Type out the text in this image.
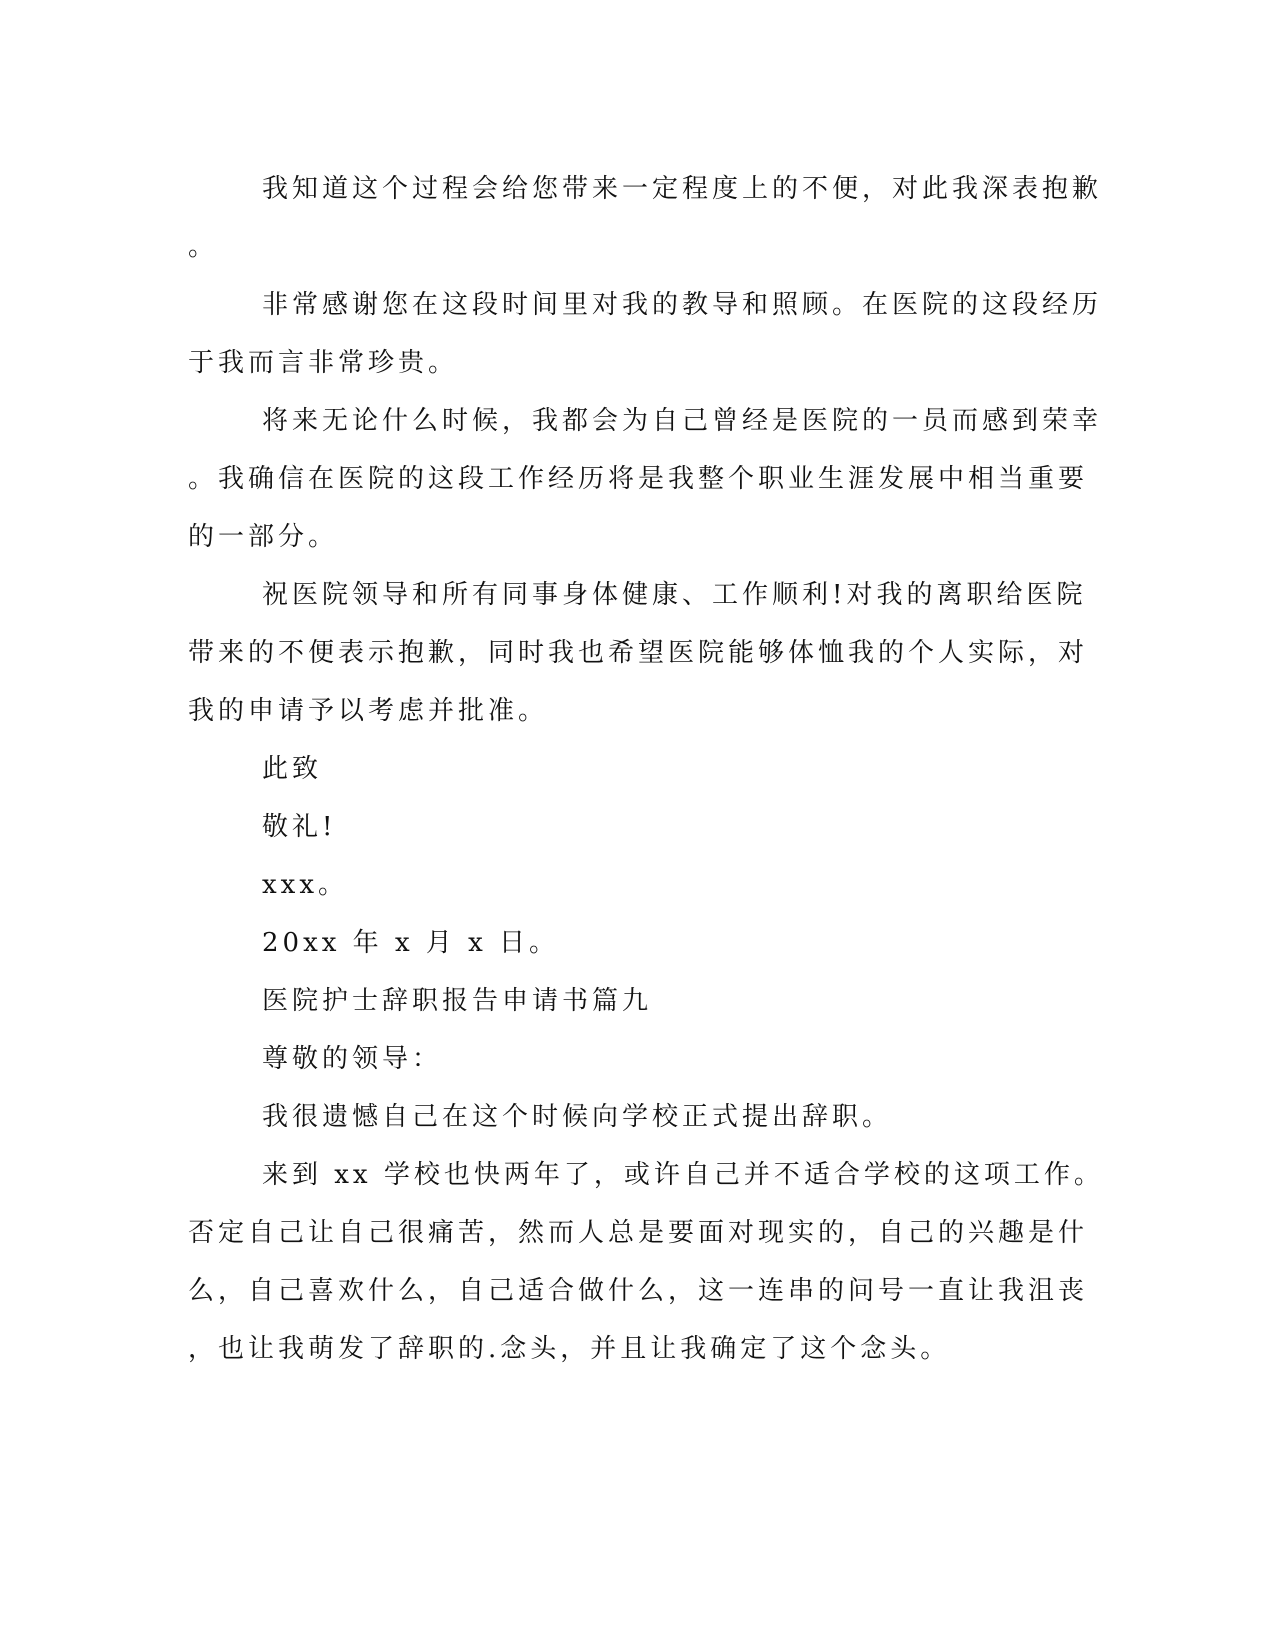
我知道这个过程会给您带来一定程度上的不便，对此我深表抱歉
。
非常感谢您在这段时间里对我的教导和照顾。在医院的这段经历
于我而言非常珍贵。
将来无论什么时候，我都会为自己曾经是医院的一员而感到荣幸
。我确信在医院的这段工作经历将是我整个职业生涯发展中相当重要
的一部分。
祝医院领导和所有同事身体健康、工作顺利!对我的离职给医院
带来的不便表示抱歉，同时我也希望医院能够体恤我的个人实际，对
我的申请予以考虑并批准。
此致
敬礼!
xxx。
20xx 年 x 月 x 日。
医院护士辞职报告申请书篇九
尊敬的领导：
我很遗憾自己在这个时候向学校正式提出辞职。
来到 xx 学校也快两年了，或许自己并不适合学校的这项工作。
否定自己让自己很痛苦，然而人总是要面对现实的，自己的兴趣是什
么，自己喜欢什么，自己适合做什么，这一连串的问号一直让我沮丧
，也让我萌发了辞职的.念头，并且让我确定了这个念头。
